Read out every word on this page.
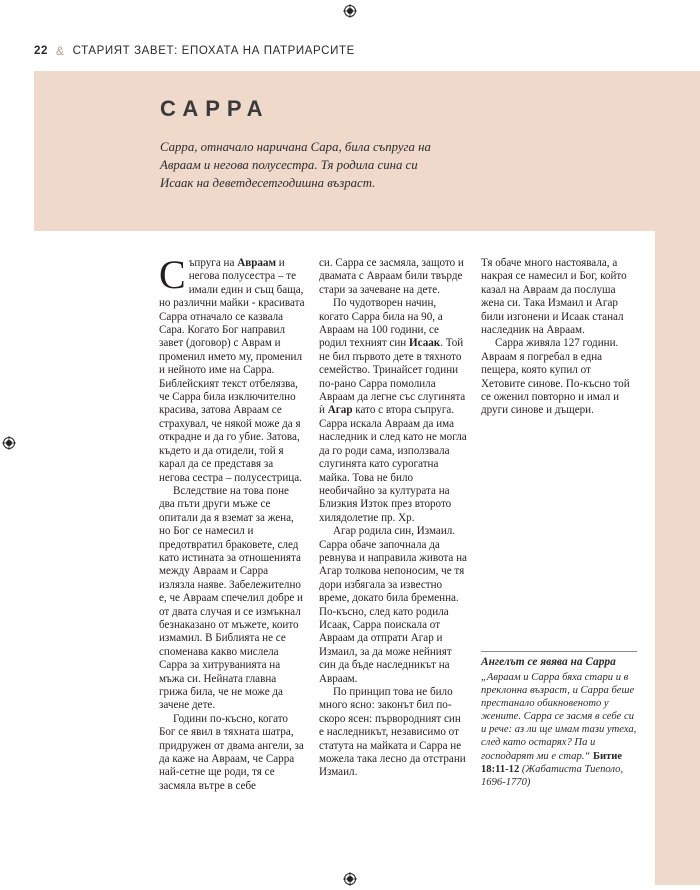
22 & СТАРИЯТ ЗАВЕТ: ЕПОХАТА НА ПАТРИАРСИТЕ
САРРА
Сарра, отначало наричана Сара, била съпруга на Авраам и негова полусестра. Тя родила сина си Исаак на деветдесетгодишна възраст.

Съпруга на Авраам и негова полусестра – те имали един и същ баща, но различни майки - красивата Сарра отначало се казвала Сара. Когато Бог направил завет (договор) с Аврам и променил името му, променил и нейното име на Сарра. Библейският текст отбелязва, че Сарра била изключително красива, затова Авраам се страхувал, че някой може да я открадне и да го убие. Затова, където и да отидели, той я карал да се представя за негова сестра – полусестрица.

Вследствие на това поне два пъти други мъже се опитали да я вземат за жена, но Бог се намесил и предотвратил браковете, след като истината за отношенията между Авраам и Сарра излязла наяве. Забележително е, че Авраам спечелил добре и от двата случая и се измъкнал безнаказано от мъжете, които измамил. В Библията не се споменава какво мислела Сарра за хитруванията на мъжа си. Нейната главна грижа била, че не може да зачене дете.

Години по-късно, когато Бог се явил в тяхната шатра, придружен от двама ангели, за да каже на Авраам, че Сарра най-сетне ще роди, тя се засмяла вътре в себе

си. Сарра се засмяла, защото и двамата с Авраам били твърде стари за зачеване на дете.

По чудотворен начин, когато Сарра била на 90, а Авраам на 100 години, се родил техният син Исаак. Той не бил първото дете в тяхното семейство. Тринайсет години по-рано Сарра помолила Авраам да легне със слугинята ѝ Агар като с втора съпруга. Сарра искала Авраам да има наследник и след като не могла да го роди сама, използвала слугинята като сурогатна майка. Това не било необичайно за културата на Близкия Изток през второто хилядолетие пр. Хр.

Агар родила син, Измаил. Сарра обаче започнала да ревнува и направила живота на Агар толкова непоносим, че тя дори избягала за известно време, докато била бременна. По-късно, след като родила Исаак, Сарра поискала от Авраам да отпрати Агар и Измаил, за да може нейният син да бъде наследникът на Авраам.

По принцип това не било много ясно: законът бил по-скоро ясен: първородният син е наследникът, независимо от статута на майката и Сарра не можела така лесно да отстрани Измаил.

Тя обаче много настоявала, а накрая се намесил и Бог, който казал на Авраам да послуша жена си. Така Измаил и Агар били изгонени и Исаак станал наследник на Авраам.

Сарра живяла 127 години. Авраам я погребал в една пещера, която купил от Хетовите синове. По-късно той се оженил повторно и имал и други синове и дъщери.

Ангелът се явява на Сарра
„Авраам и Сарра бяха стари и в преклонна възраст, и Сарра беше престанало обикновеното у жените. Сарра се засмя в себе си и рече: аз ли ще имам тази утеха, след като остарях? Па и господарят ми е стар.“ Битие 18:11-12 (Жабатиста Тиеполо, 1696-1770)
